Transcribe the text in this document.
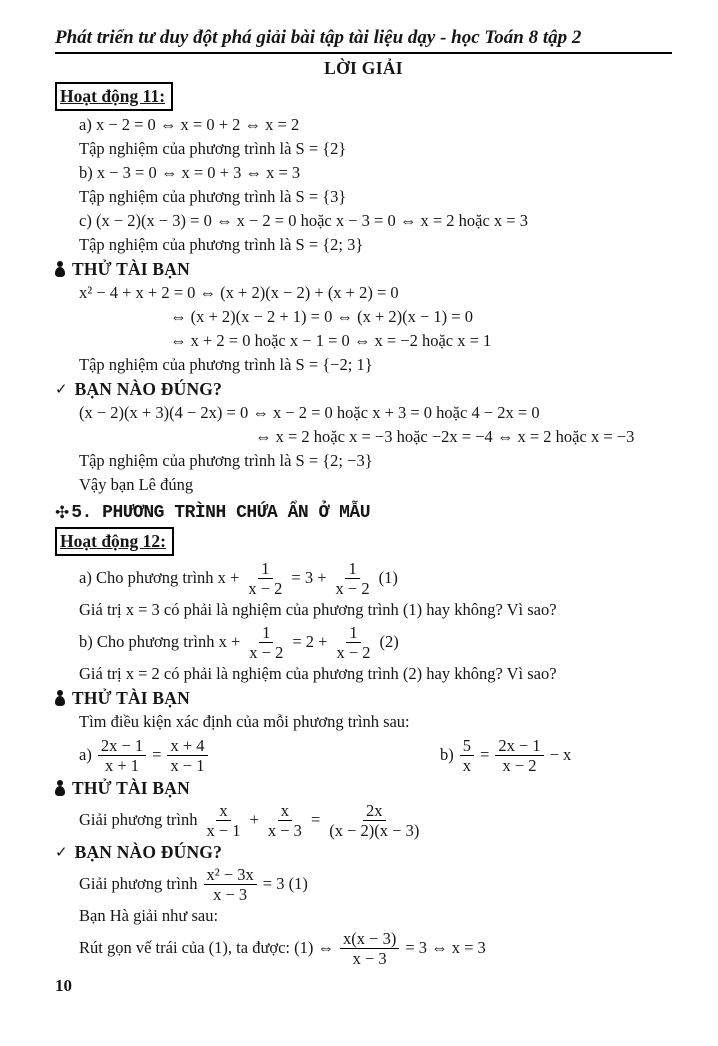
Phát triển tư duy đột phá giải bài tập tài liệu dạy - học Toán 8 tập 2
LỜI GIẢI
Hoạt động 11:
a) x − 2 = 0 ⇔ x = 0 + 2 ⇔ x = 2
Tập nghiệm của phương trình là S = {2}
b) x − 3 = 0 ⇔ x = 0 + 3 ⇔ x = 3
Tập nghiệm của phương trình là S = {3}
c) (x − 2)(x − 3) = 0 ⇔ x − 2 = 0 hoặc x − 3 = 0 ⇔ x = 2 hoặc x = 3
Tập nghiệm của phương trình là S = {2; 3}
THỬ TÀI BẠN
x² − 4 + x + 2 = 0 ⇔ (x + 2)(x − 2) + (x + 2) = 0
⇔ (x + 2)(x − 2 + 1) = 0 ⇔ (x + 2)(x − 1) = 0
⇔ x + 2 = 0 hoặc x − 1 = 0 ⇔ x = −2 hoặc x = 1
Tập nghiệm của phương trình là S = {−2; 1}
✓ BẠN NÀO ĐÚNG?
(x − 2)(x + 3)(4 − 2x) = 0 ⇔ x − 2 = 0 hoặc x + 3 = 0 hoặc 4 − 2x = 0
⇔ x = 2 hoặc x = −3 hoặc −2x = −4 ⇔ x = 2 hoặc x = −3
Tập nghiệm của phương trình là S = {2; −3}
Vậy bạn Lê đúng
✣ 5. PHƯƠNG TRÌNH CHỨA ẨN Ở MẪU
Hoạt động 12:
a) Cho phương trình $x + \frac{1}{x - 2} = 3 + \frac{1}{x - 2} (1)$
Giá trị x = 3 có phải là nghiệm của phương trình (1) hay không? Vì sao?
b) Cho phương trình $x + \frac{1}{x - 2} = 2 + \frac{1}{x - 2} (2)$
Giá trị x = 2 có phải là nghiệm của phương trình (2) hay không? Vì sao?
THỬ TÀI BẠN
Tìm điều kiện xác định của mỗi phương trình sau:
$a) \frac{2x - 1}{x + 1} = \frac{x + 4}{x - 1}$	$b) \frac{5}{x} = \frac{2x - 1}{x - 2} - x$
THỬ TÀI BẠN
Giải phương trình $\frac{x}{x - 1} + \frac{x}{x - 3} = \frac{2x}{(x - 2)(x - 3)}$
✓ BẠN NÀO ĐÚNG?
Giải phương trình $\frac{\text{x² − 3x}}{x - 3} = 3$ (1)
Bạn Hà giải như sau:
Rút gọn vế trái của (1), ta được: (1) ⇔ $\frac{x(x - 3)}{x - 3} = 3$ ⇔ x = 3
10
